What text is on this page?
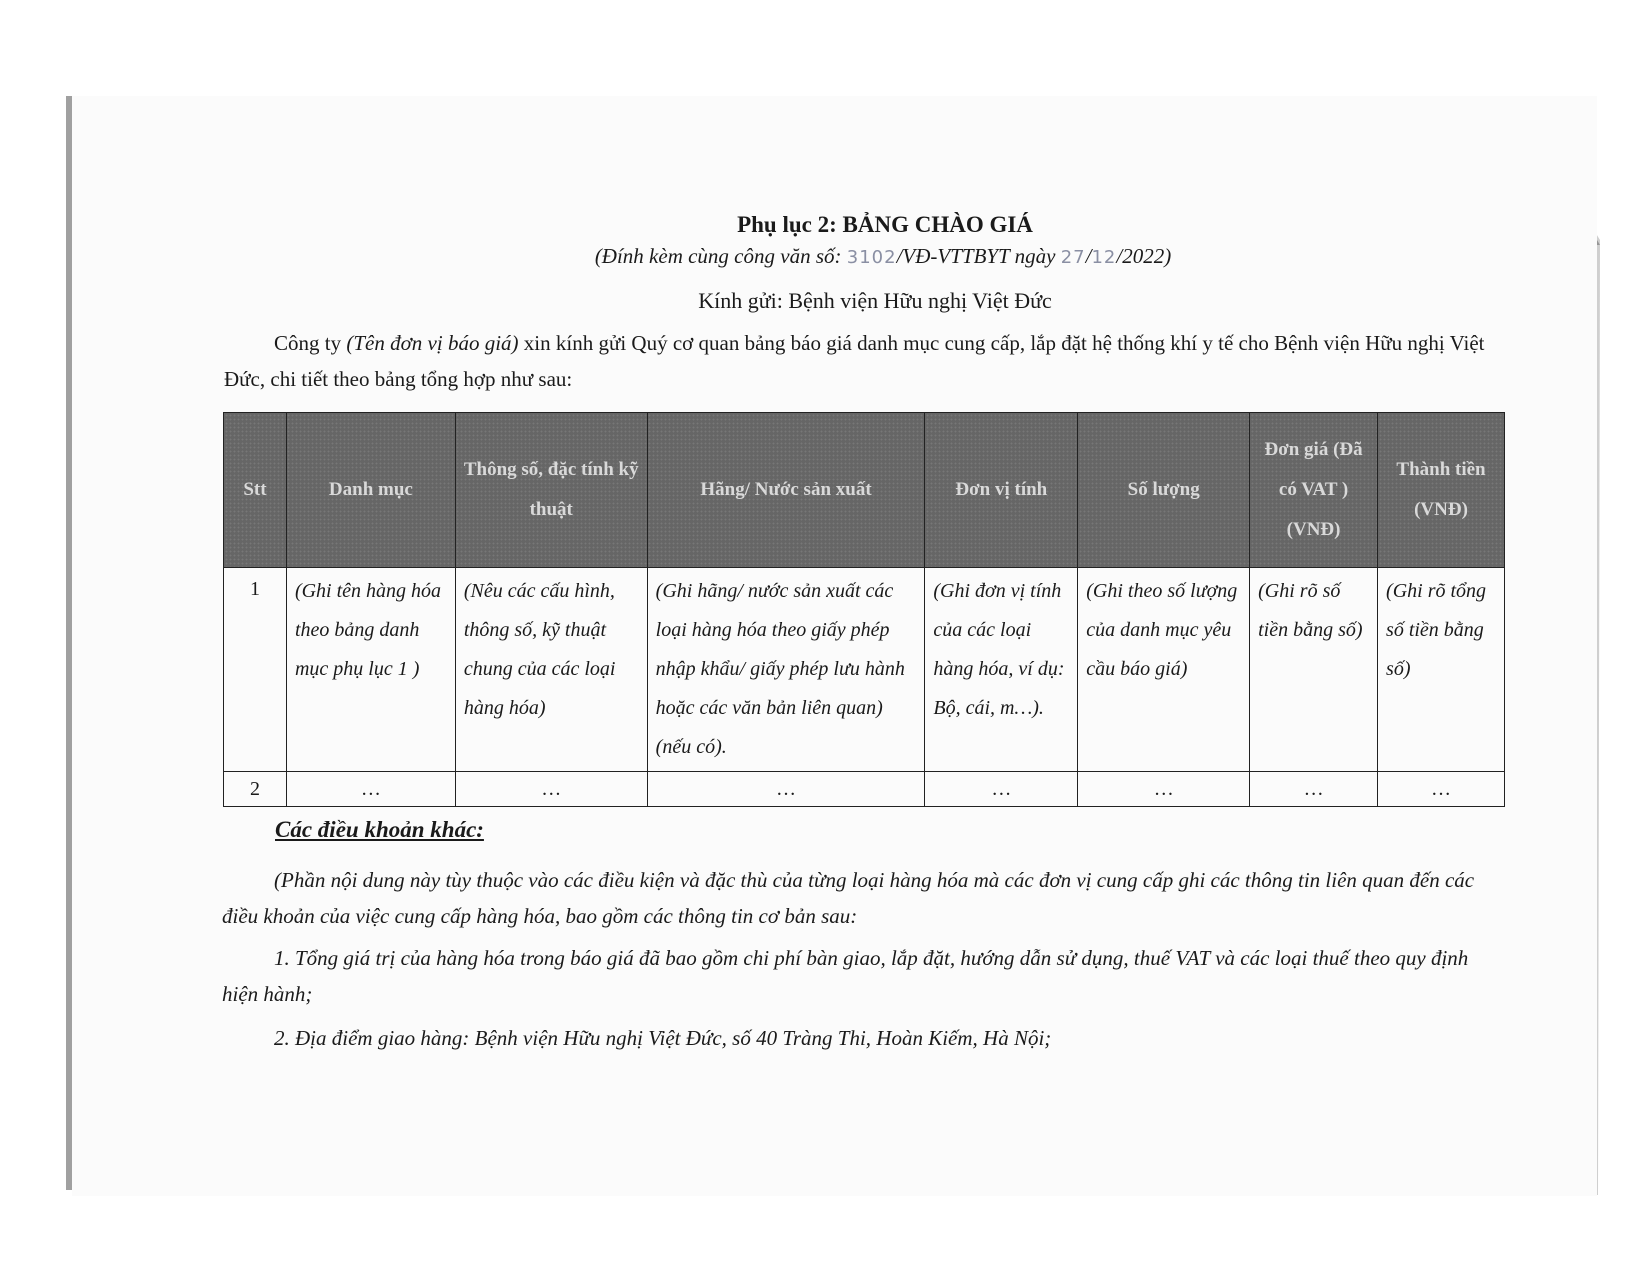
Phụ lục 2: BẢNG CHÀO GIÁ
(Đính kèm cùng công văn số: 3102/VĐ-VTTBYT ngày 27/12/2022)
Kính gửi: Bệnh viện Hữu nghị Việt Đức
Công ty (Tên đơn vị báo giá) xin kính gửi Quý cơ quan bảng báo giá danh mục cung cấp, lắp đặt hệ thống khí y tế cho Bệnh viện Hữu nghị Việt Đức, chi tiết theo bảng tổng hợp như sau:
Stt	Danh mục	Thông số, đặc tính kỹ thuật	Hãng/ Nước sản xuất	Đơn vị tính	Số lượng	Đơn giá (Đã có VAT ) (VNĐ)	Thành tiền (VNĐ)
1	(Ghi tên hàng hóa theo bảng danh mục phụ lục 1 )	(Nêu các cấu hình, thông số, kỹ thuật chung của các loại hàng hóa)	(Ghi hãng/ nước sản xuất các loại hàng hóa theo giấy phép nhập khẩu/ giấy phép lưu hành hoặc các văn bản liên quan)(nếu có).	(Ghi đơn vị tính của các loại hàng hóa, ví dụ: Bộ, cái, m…).	(Ghi theo số lượng của danh mục yêu cầu báo giá)	(Ghi rõ số tiền bằng số)	(Ghi rõ tổng số tiền bằng số)
2	…	…	…	…	…	…	…
Các điều khoản khác:
(Phần nội dung này tùy thuộc vào các điều kiện và đặc thù của từng loại hàng hóa mà các đơn vị cung cấp ghi các thông tin liên quan đến các điều khoản của việc cung cấp hàng hóa, bao gồm các thông tin cơ bản sau:
1. Tổng giá trị của hàng hóa trong báo giá đã bao gồm chi phí bàn giao, lắp đặt, hướng dẫn sử dụng, thuế VAT và các loại thuế theo quy định hiện hành;
2. Địa điểm giao hàng: Bệnh viện Hữu nghị Việt Đức, số 40 Tràng Thi, Hoàn Kiếm, Hà Nội;
